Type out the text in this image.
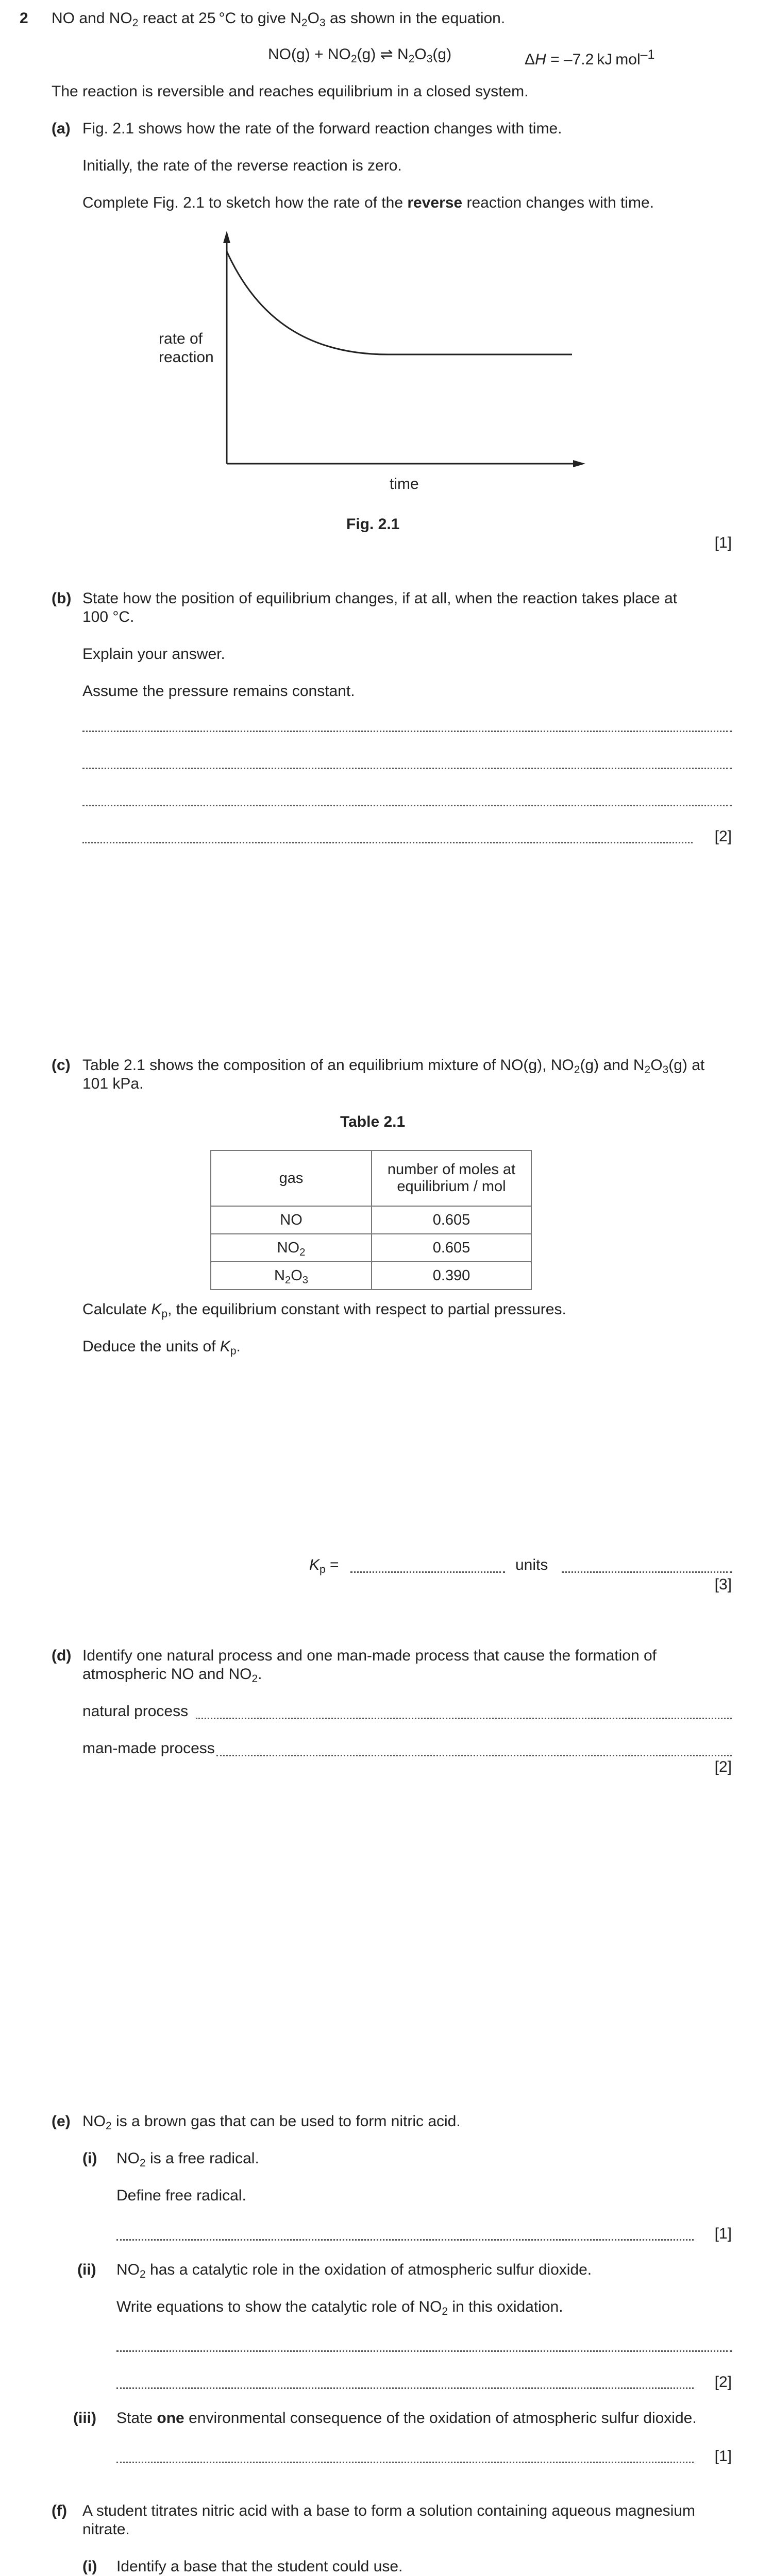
2 NO and $NO_2$ react at 25 °C to give $N_2O_3$ as shown in the equation.
$NO(g) + NO_2(g)$ ⇌ $N_2O_3(g)$	ΔH = –7.2 kJ mol$^{-1}$
The reaction is reversible and reaches equilibrium in a closed system.
(a) Fig. 2.1 shows how the rate of the forward reaction changes with time.
Initially, the rate of the reverse reaction is zero.
Complete Fig. 2.1 to sketch how the rate of the reverse reaction changes with time.
rate of
reaction
time
Fig. 2.1
[1]
(b) State how the position of equilibrium changes, if at all, when the reaction takes place at
100 °C.
Explain your answer.
Assume the pressure remains constant.
[2]
(c) Table 2.1 shows the composition of an equilibrium mixture of NO(g), $NO_2(g)$ and $N_2O_3(g)$ at
101 kPa.
Table 2.1
gas	number of moles at
equilibrium / mol

NO	0.605
$NO_2$	0.605
$N_2O_3$	0.390
Calculate $K_p$, the equilibrium constant with respect to partial pressures.
Deduce the units of $K_p$.
$K_p$ =	units
[3]
(d) Identify one natural process and one man-made process that cause the formation of
atmospheric NO and $NO_2$.
natural process
man-made process
[2]
(e) $NO_2$ is a brown gas that can be used to form nitric acid.
(i) $NO_2$ is a free radical.
Define free radical.
[1]
(ii) $NO_2$ has a catalytic role in the oxidation of atmospheric sulfur dioxide.
Write equations to show the catalytic role of $NO_2$ in this oxidation.
[2]
(iii) State one environmental consequence of the oxidation of atmospheric sulfur dioxide.
[1]
(f) A student titrates nitric acid with a base to form a solution containing aqueous magnesium
nitrate.
(i) Identify a base that the student could use.
